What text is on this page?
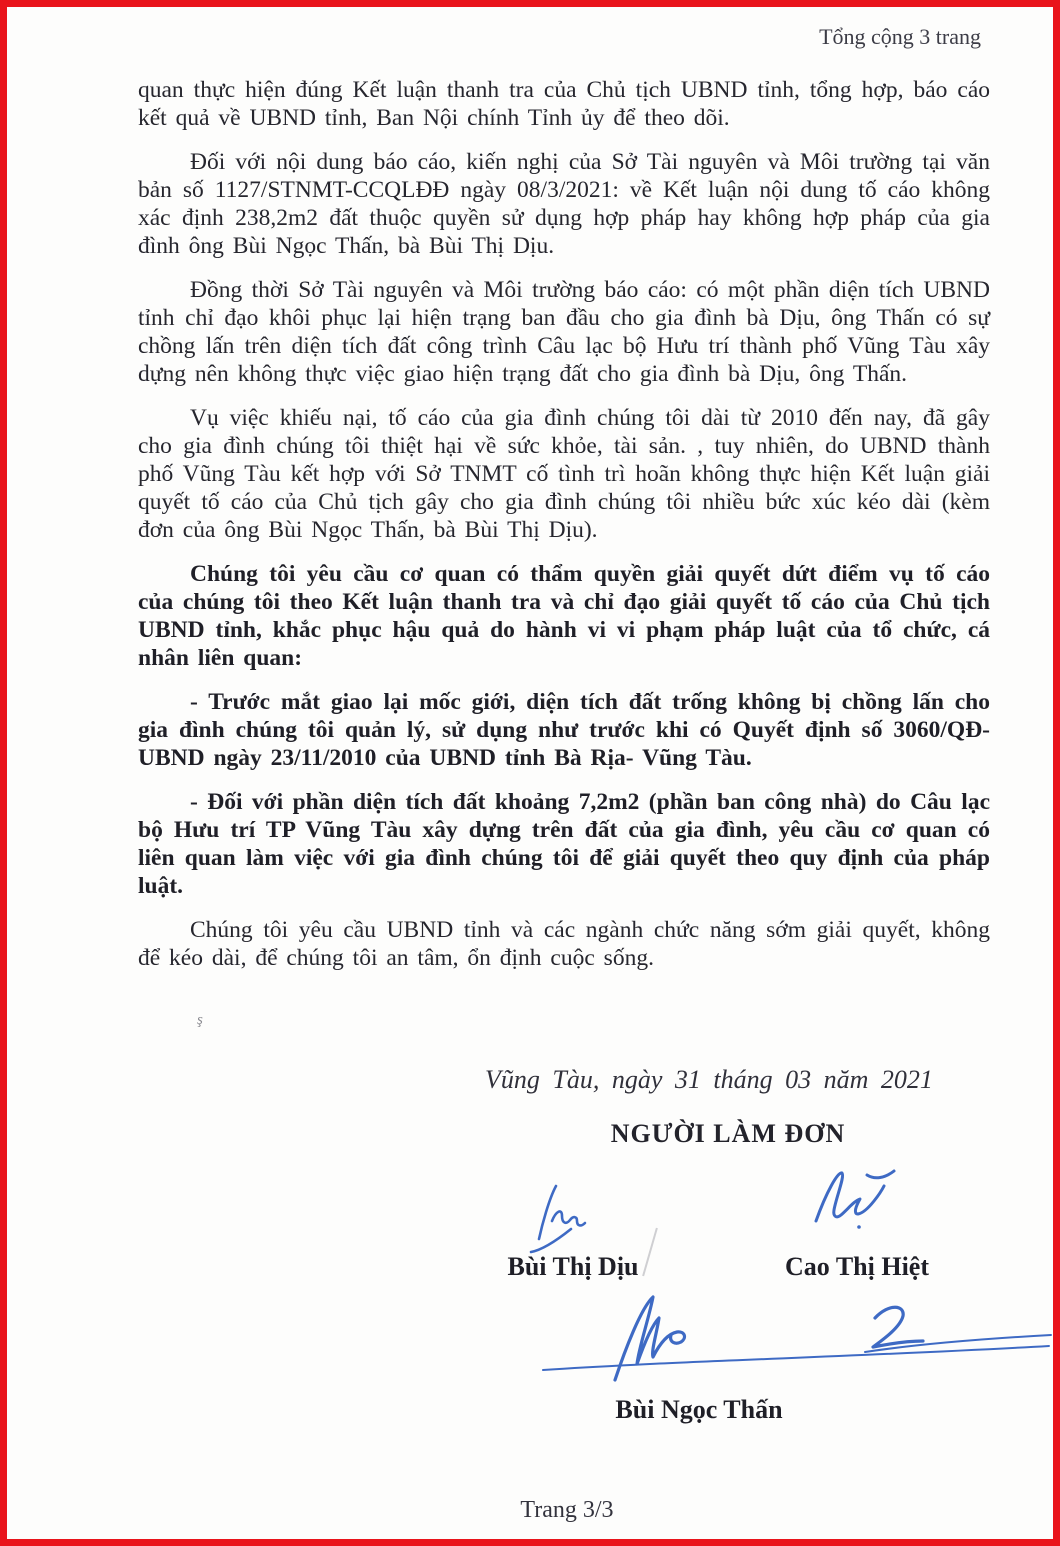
Tổng cộng 3 trang
quan thực hiện đúng Kết luận thanh tra của Chủ tịch UBND tỉnh, tổng hợp, báo cáo kết quả về UBND tỉnh, Ban Nội chính Tỉnh ủy để theo dõi.
Đối với nội dung báo cáo, kiến nghị của Sở Tài nguyên và Môi trường tại văn bản số 1127/STNMT-CCQLĐĐ ngày 08/3/2021: về Kết luận nội dung tố cáo không xác định 238,2m2 đất thuộc quyền sử dụng hợp pháp hay không hợp pháp của gia đình ông Bùi Ngọc Thấn, bà Bùi Thị Dịu.
Đồng thời Sở Tài nguyên và Môi trường báo cáo: có một phần diện tích UBND tỉnh chỉ đạo khôi phục lại hiện trạng ban đầu cho gia đình bà Dịu, ông Thấn có sự chồng lấn trên diện tích đất công trình Câu lạc bộ Hưu trí thành phố Vũng Tàu xây dựng nên không thực việc giao hiện trạng đất cho gia đình bà Dịu, ông Thấn.
Vụ việc khiếu nại, tố cáo của gia đình chúng tôi dài từ 2010 đến nay, đã gây cho gia đình chúng tôi thiệt hại về sức khỏe, tài sản. , tuy nhiên, do UBND thành phố Vũng Tàu kết hợp với Sở TNMT cố tình trì hoãn không thực hiện Kết luận giải quyết tố cáo của Chủ tịch gây cho gia đình chúng tôi nhiều bức xúc kéo dài (kèm đơn của ông Bùi Ngọc Thấn, bà Bùi Thị Dịu).
Chúng tôi yêu cầu cơ quan có thẩm quyền giải quyết dứt điểm vụ tố cáo của chúng tôi theo Kết luận thanh tra và chỉ đạo giải quyết tố cáo của Chủ tịch UBND tỉnh, khắc phục hậu quả do hành vi vi phạm pháp luật của tổ chức, cá nhân liên quan:
- Trước mắt giao lại mốc giới, diện tích đất trống không bị chồng lấn cho gia đình chúng tôi quản lý, sử dụng như trước khi có Quyết định số 3060/QĐ-UBND ngày 23/11/2010 của UBND tỉnh Bà Rịa- Vũng Tàu.
- Đối với phần diện tích đất khoảng 7,2m2 (phần ban công nhà) do Câu lạc bộ Hưu trí TP Vũng Tàu xây dựng trên đất của gia đình, yêu cầu cơ quan có liên quan làm việc với gia đình chúng tôi để giải quyết theo quy định của pháp luật.
Chúng tôi yêu cầu UBND tỉnh và các ngành chức năng sớm giải quyết, không để kéo dài, để chúng tôi an tâm, ổn định cuộc sống.
ş
Vũng Tàu, ngày 31 tháng 03 năm 2021
NGƯỜI LÀM ĐƠN
Bùi Thị Dịu	Cao Thị Hiệt
Bùi Ngọc Thấn
Trang 3/3
